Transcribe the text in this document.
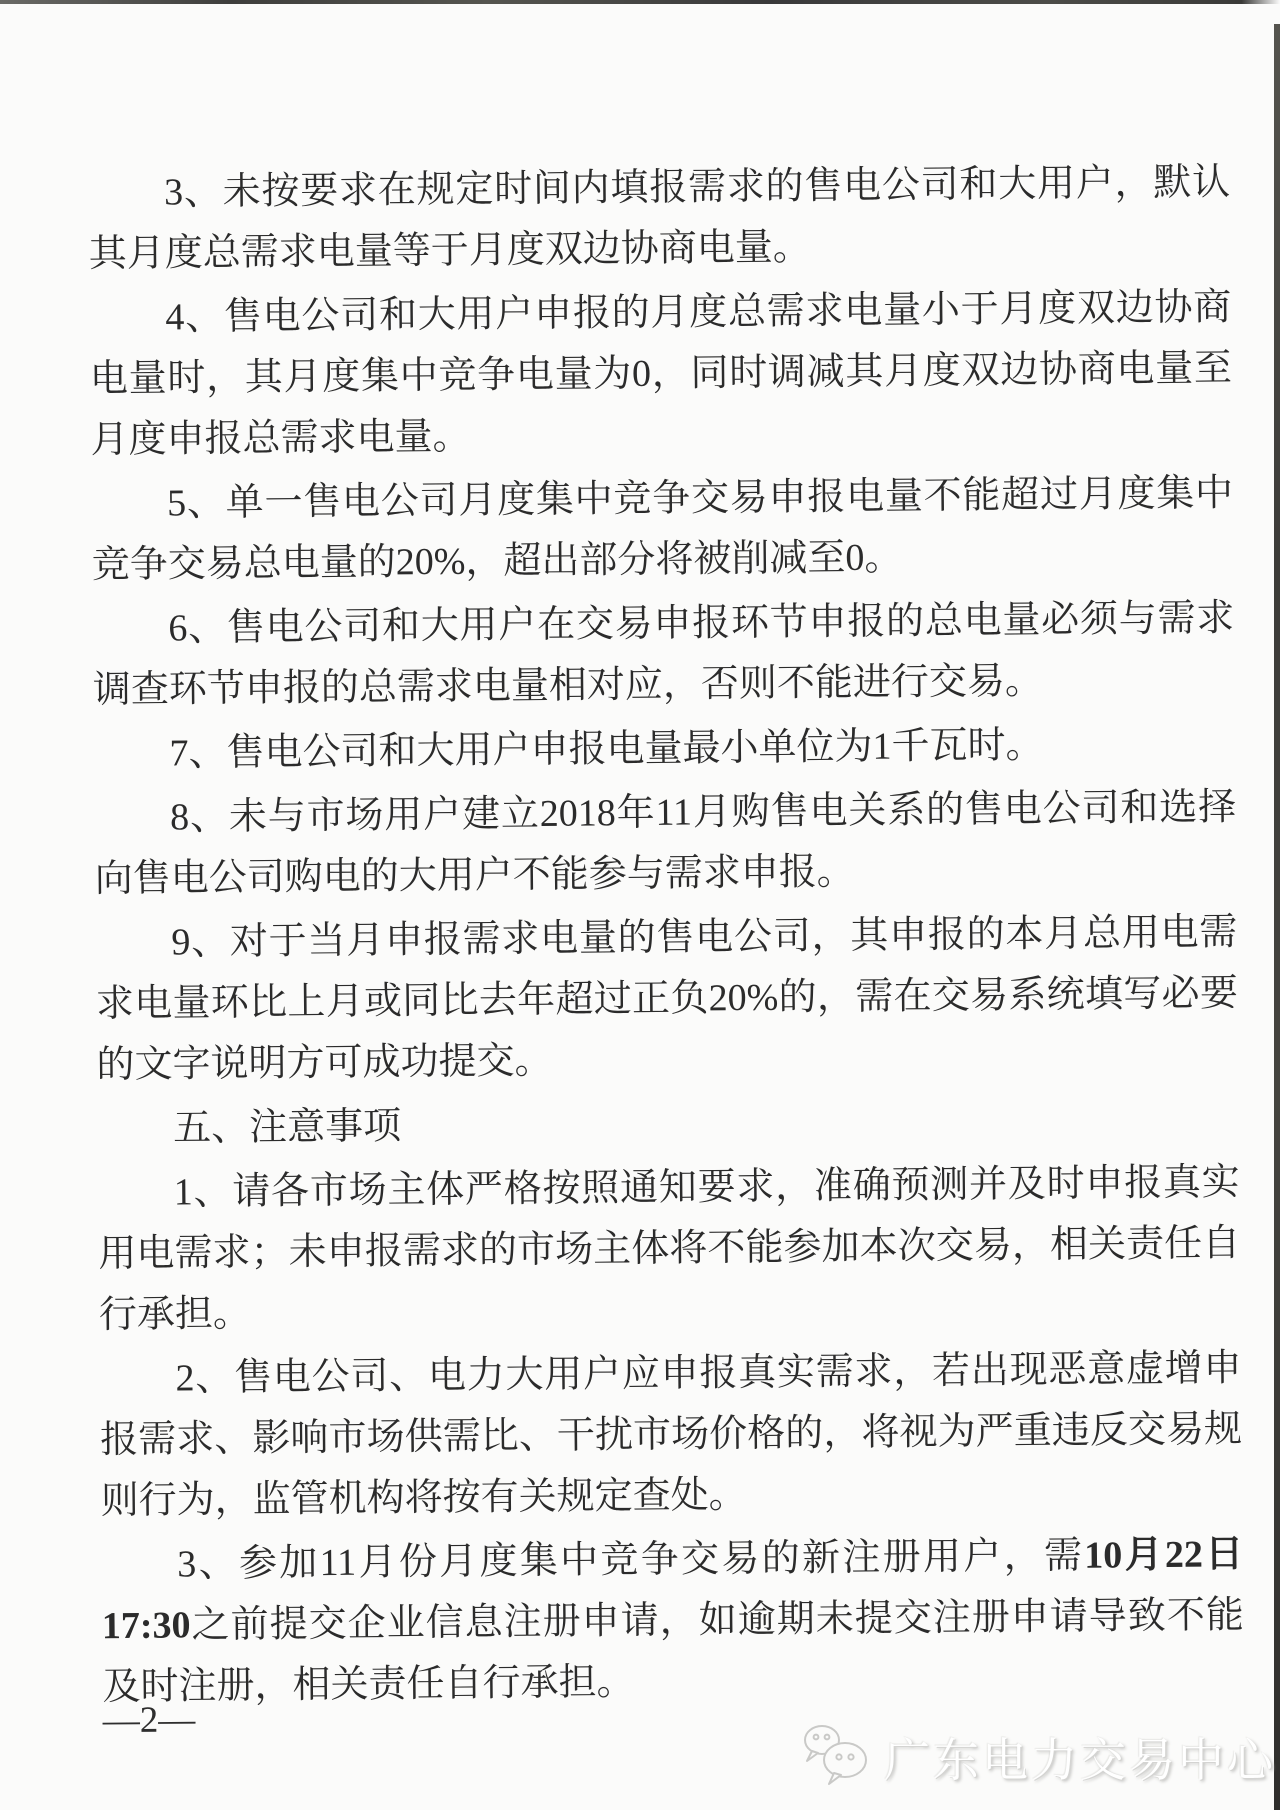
3、未按要求在规定时间内填报需求的售电公司和大用户，默认其月度总需求电量等于月度双边协商电量。

4、售电公司和大用户申报的月度总需求电量小于月度双边协商电量时，其月度集中竞争电量为0，同时调减其月度双边协商电量至月度申报总需求电量。

5、单一售电公司月度集中竞争交易申报电量不能超过月度集中竞争交易总电量的20%，超出部分将被削减至0。

6、售电公司和大用户在交易申报环节申报的总电量必须与需求调查环节申报的总需求电量相对应，否则不能进行交易。

7、售电公司和大用户申报电量最小单位为1千瓦时。

8、未与市场用户建立2018年11月购售电关系的售电公司和选择向售电公司购电的大用户不能参与需求申报。

9、对于当月申报需求电量的售电公司，其申报的本月总用电需求电量环比上月或同比去年超过正负20%的，需在交易系统填写必要的文字说明方可成功提交。

五、注意事项

1、请各市场主体严格按照通知要求，准确预测并及时申报真实用电需求；未申报需求的市场主体将不能参加本次交易，相关责任自行承担。

2、售电公司、电力大用户应申报真实需求，若出现恶意虚增申报需求、影响市场供需比、干扰市场价格的，将视为严重违反交易规则行为，监管机构将按有关规定查处。

3、参加11月份月度集中竞争交易的新注册用户，需10月22日17:30之前提交企业信息注册申请，如逾期未提交注册申请导致不能及时注册，相关责任自行承担。

—2—
广东电力交易中心
